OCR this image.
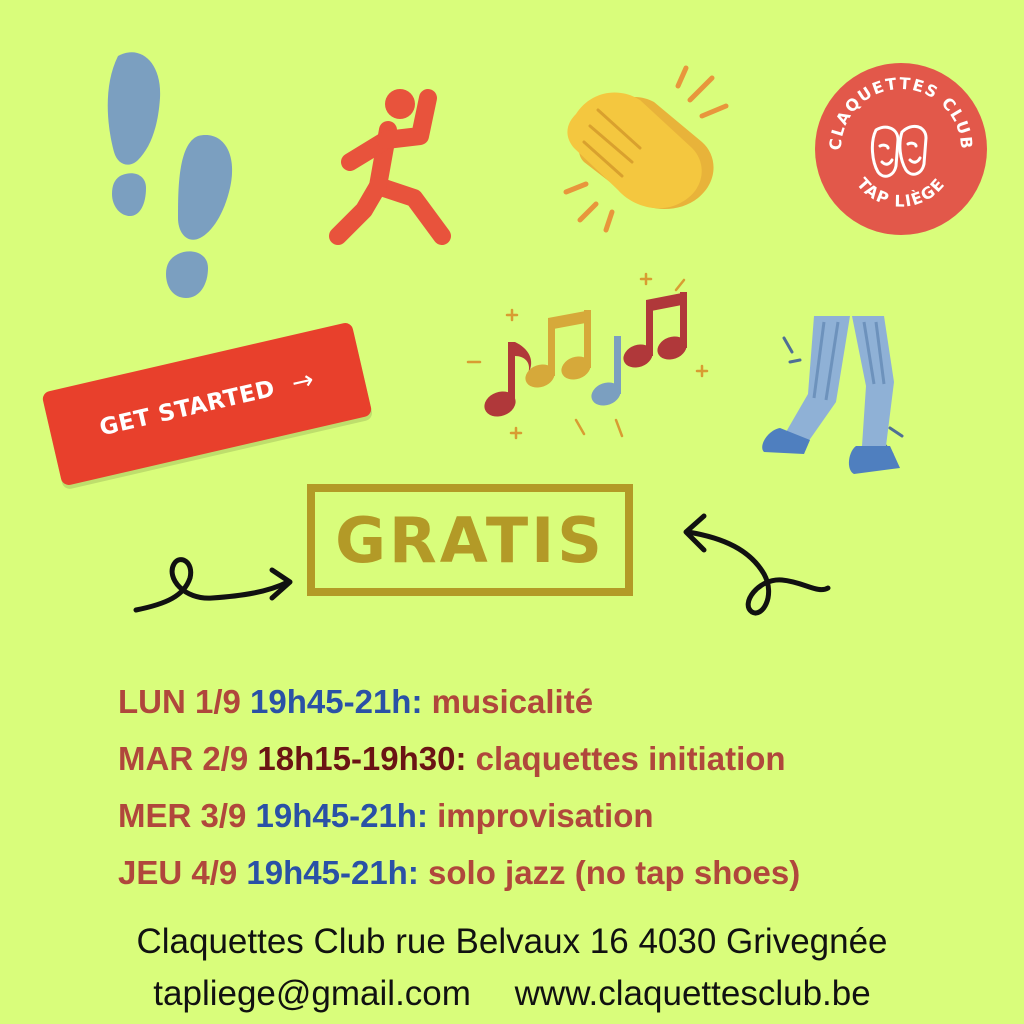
CLAQUETTES CLUB
TAP LIÈGE
GET STARTED →
GRATIS
LUN 1/9 19h45-21h: musicalité
MAR 2/9 18h15-19h30: claquettes initiation
MER 3/9 19h45-21h: improvisation
JEU 4/9 19h45-21h: solo jazz (no tap shoes)
Claquettes Club rue Belvaux 16 4030 Grivegnée
tapliege@gmail.com www.claquettesclub.be
